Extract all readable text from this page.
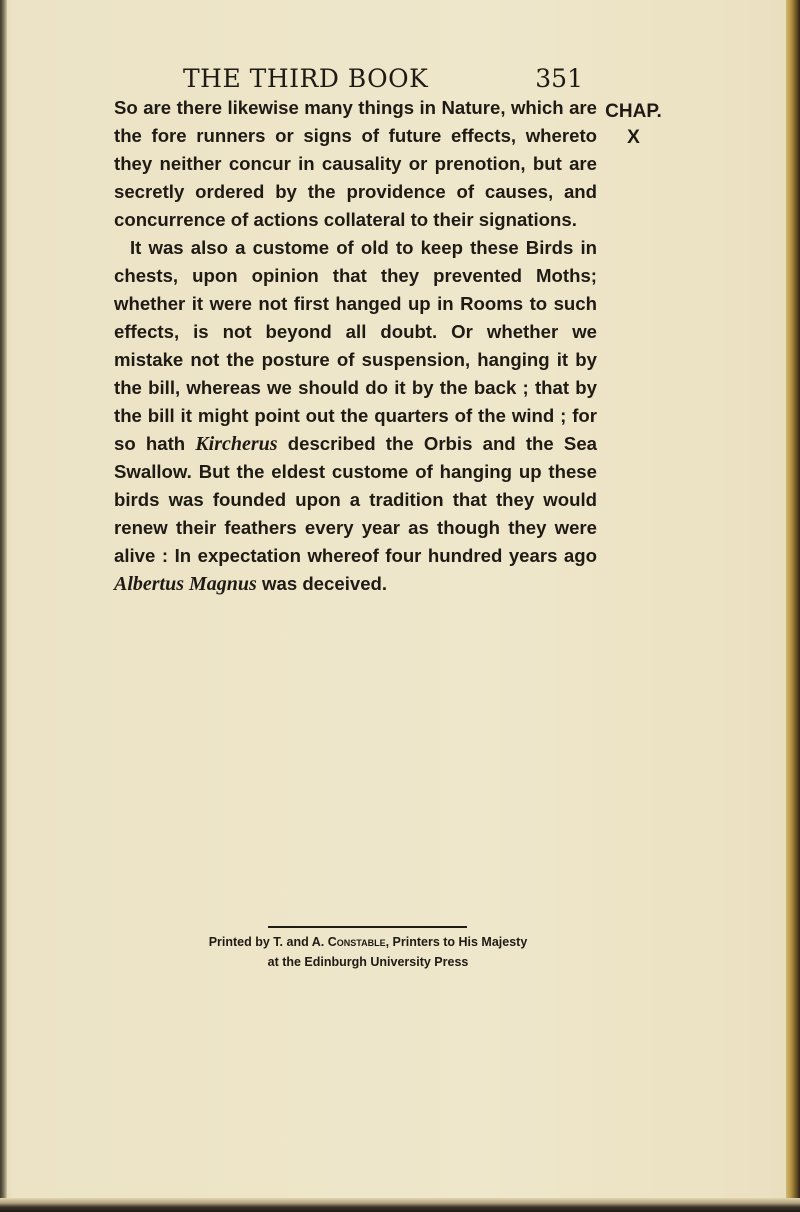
THE THIRD BOOK	351
CHAP.
X

So are there likewise many things in Nature, which are the fore runners or signs of future effects, whereto they neither concur in causality or prenotion, but are secretly ordered by the providence of causes, and concurrence of actions collateral to their signations.

It was also a custome of old to keep these Birds in chests, upon opinion that they prevented Moths; whether it were not first hanged up in Rooms to such effects, is not beyond all doubt. Or whether we mistake not the posture of suspension, hanging it by the bill, whereas we should do it by the back ; that by the bill it might point out the quarters of the wind ; for so hath Kircherus described the Orbis and the Sea Swallow. But the eldest custome of hanging up these birds was founded upon a tradition that they would renew their feathers every year as though they were alive : In expectation whereof four hundred years ago Albertus Magnus was deceived.

Printed by T. and A. Constable, Printers to His Majesty
at the Edinburgh University Press
